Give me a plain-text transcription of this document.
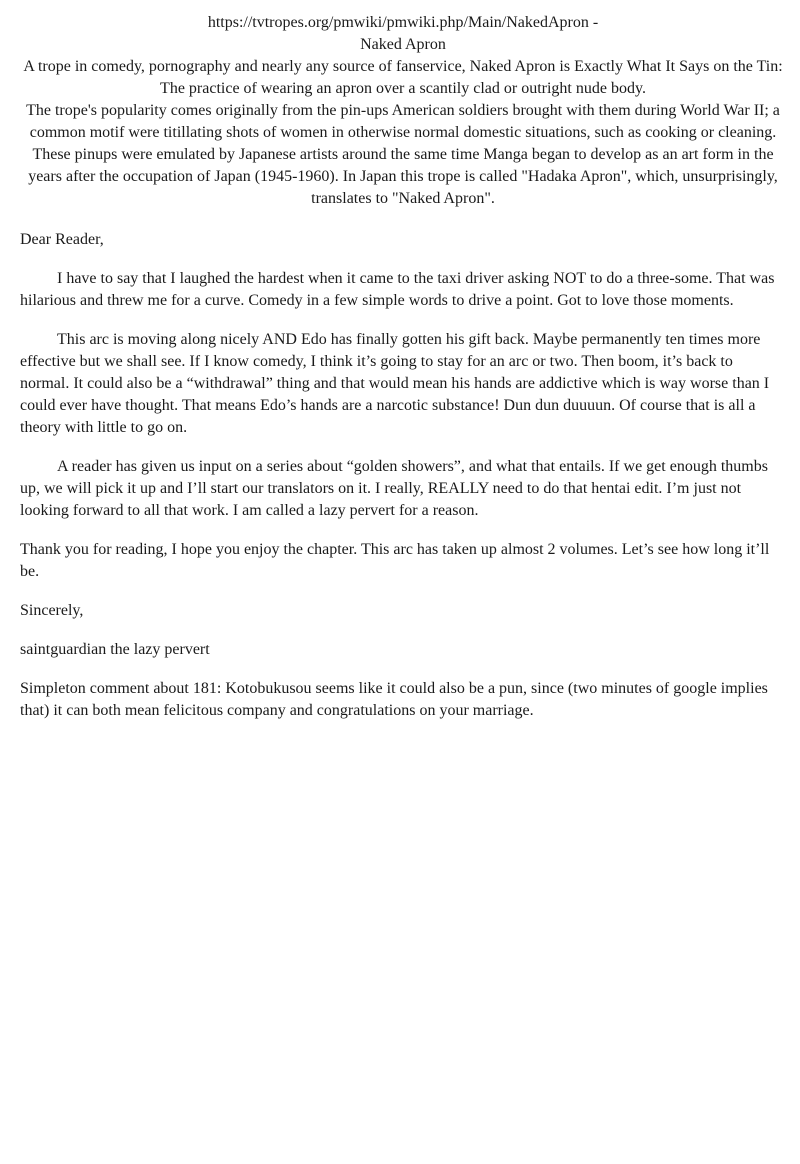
https://tvtropes.org/pmwiki/pmwiki.php/Main/NakedApron -

Naked Apron

A trope in comedy, pornography and nearly any source of fanservice, Naked Apron is Exactly What It Says on the Tin: The practice of wearing an apron over a scantily clad or outright nude body.

The trope's popularity comes originally from the pin-ups American soldiers brought with them during World War II; a common motif were titillating shots of women in otherwise normal domestic situations, such as cooking or cleaning. These pinups were emulated by Japanese artists around the same time Manga began to develop as an art form in the years after the occupation of Japan (1945-1960). In Japan this trope is called "Hadaka Apron", which, unsurprisingly, translates to "Naked Apron".

Dear Reader,

I have to say that I laughed the hardest when it came to the taxi driver asking NOT to do a three-some. That was hilarious and threw me for a curve. Comedy in a few simple words to drive a point. Got to love those moments.

This arc is moving along nicely AND Edo has finally gotten his gift back. Maybe permanently ten times more effective but we shall see. If I know comedy, I think it’s going to stay for an arc or two. Then boom, it’s back to normal. It could also be a “withdrawal” thing and that would mean his hands are addictive which is way worse than I could ever have thought. That means Edo’s hands are a narcotic substance! Dun dun duuuun. Of course that is all a theory with little to go on.

A reader has given us input on a series about “golden showers”, and what that entails. If we get enough thumbs up, we will pick it up and I’ll start our translators on it. I really, REALLY need to do that hentai edit. I’m just not looking forward to all that work. I am called a lazy pervert for a reason.

Thank you for reading, I hope you enjoy the chapter. This arc has taken up almost 2 volumes. Let’s see how long it’ll be.

Sincerely,

saintguardian the lazy pervert

Simpleton comment about 181: Kotobukusou seems like it could also be a pun, since (two minutes of google implies that) it can both mean felicitous company and congratulations on your marriage.
